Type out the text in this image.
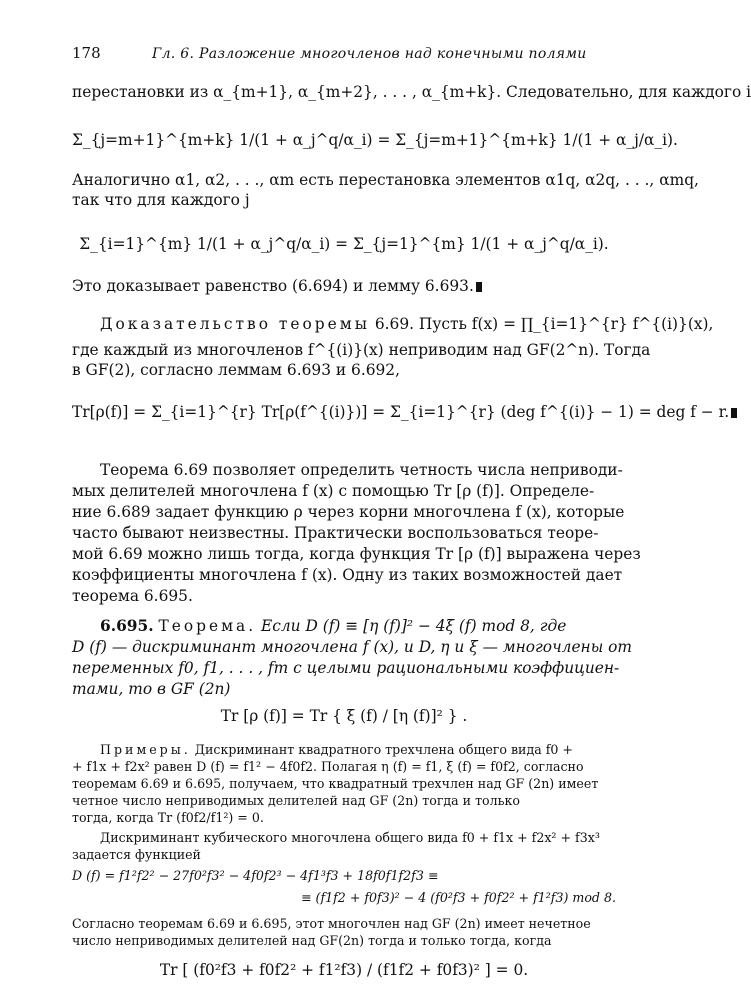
178	Гл. 6. Разложение многочленов над конечными полями
перестановки из α_{m+1}, α_{m+2}, . . . , α_{m+k}. Следовательно, для каждого i
Σ_{j=m+1}^{m+k} 1/(1 + α_j^q/α_i) = Σ_{j=m+1}^{m+k} 1/(1 + α_j/α_i).
Аналогично α1, α2, . . ., αm есть перестановка элементов α1q, α2q, . . ., αmq,
так что для каждого j
Σ_{i=1}^{m} 1/(1 + α_j^q/α_i) = Σ_{j=1}^{m} 1/(1 + α_j^q/α_i).
Это доказывает равенство (6.694) и лемму 6.693.
Доказательство теоремы 6.69. Пусть f(x) = ∏_{i=1}^{r} f^{(i)}(x),
где каждый из многочленов f^{(i)}(x) неприводим над GF(2^n). Тогда
в GF(2), согласно леммам 6.693 и 6.692,
Tr[ρ(f)] = Σ_{i=1}^{r} Tr[ρ(f^{(i)})] = Σ_{i=1}^{r} (deg f^{(i)} − 1) = deg f − r.
Теорема 6.69 позволяет определить четность числа неприводи-
мых делителей многочлена f (x) с помощью Tr [ρ (f)]. Определе-
ние 6.689 задает функцию ρ через корни многочлена f (x), которые
часто бывают неизвестны. Практически воспользоваться теоре-
мой 6.69 можно лишь тогда, когда функция Tr [ρ (f)] выражена через
коэффициенты многочлена f (x). Одну из таких возможностей дает
теорема 6.695.
6.695. Теорема. Если D (f) ≡ [η (f)]² − 4ξ (f) mod 8, где
D (f) — дискриминант многочлена f (x), и D, η и ξ — многочлены от
переменных f0, f1, . . . , fm с целыми рациональными коэффициен-
тами, то в GF (2n)
Tr [ρ (f)] = Tr { ξ (f) / [η (f)]² } .
Примеры. Дискриминант квадратного трехчлена общего вида f0 +
+ f1x + f2x² равен D (f) = f1² − 4f0f2. Полагая η (f) = f1, ξ (f) = f0f2, согласно
теоремам 6.69 и 6.695, получаем, что квадратный трехчлен над GF (2n) имеет
четное число неприводимых делителей над GF (2n) тогда и только
тогда, когда Tr (f0f2/f1²) = 0.
Дискриминант кубического многочлена общего вида f0 + f1x + f2x² + f3x³
задается функцией
D (f) = f1²f2² − 27f0²f3² − 4f0f2³ − 4f1³f3 + 18f0f1f2f3 ≡
≡ (f1f2 + f0f3)² − 4 (f0²f3 + f0f2² + f1²f3) mod 8.
Согласно теоремам 6.69 и 6.695, этот многочлен над GF (2n) имеет нечетное
число неприводимых делителей над GF(2n) тогда и только тогда, когда
Tr [ (f0²f3 + f0f2² + f1²f3) / (f1f2 + f0f3)² ] = 0.
